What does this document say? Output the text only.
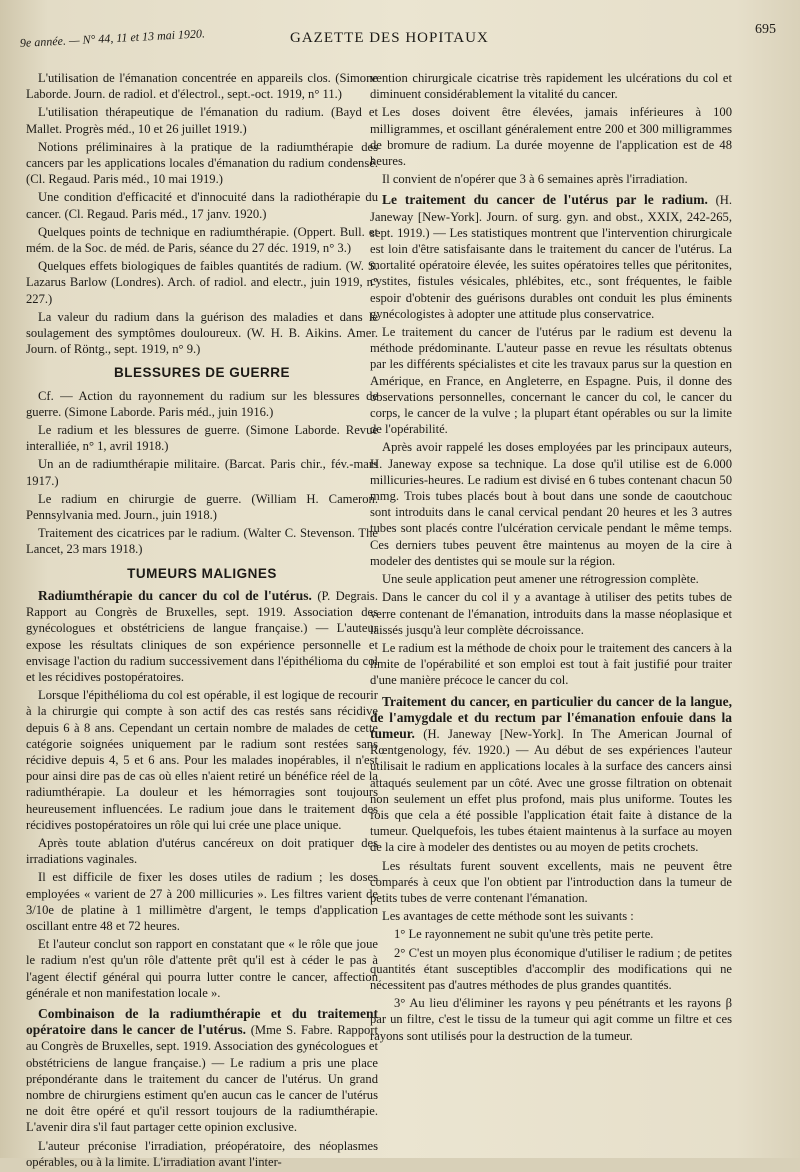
9e année. — N° 44, 11 et 13 mai 1920.	GAZETTE DES HOPITAUX
695

L'utilisation de l'émanation concentrée en appareils clos. (Simone Laborde. Journ. de radiol. et d'électrol., sept.-oct. 1919, n° 11.)

L'utilisation thérapeutique de l'émanation du radium. (Bayd et Mallet. Progrès méd., 10 et 26 juillet 1919.)

Notions préliminaires à la pratique de la radiumthérapie des cancers par les applications locales d'émanation du radium condensé. (Cl. Regaud. Paris méd., 10 mai 1919.)

Une condition d'efficacité et d'innocuité dans la radiothérapie du cancer. (Cl. Regaud. Paris méd., 17 janv. 1920.)

Quelques points de technique en radiumthérapie. (Oppert. Bull. et mém. de la Soc. de méd. de Paris, séance du 27 déc. 1919, n° 3.)

Quelques effets biologiques de faibles quantités de radium. (W. S. Lazarus Barlow (Londres). Arch. of radiol. and electr., juin 1919, n° 227.)

La valeur du radium dans la guérison des maladies et dans le soulagement des symptômes douloureux. (W. H. B. Aikins. Amer. Journ. of Röntg., sept. 1919, n° 9.)

BLESSURES DE GUERRE

Cf. — Action du rayonnement du radium sur les blessures de guerre. (Simone Laborde. Paris méd., juin 1916.)

Le radium et les blessures de guerre. (Simone Laborde. Revue interalliée, n° 1, avril 1918.)

Un an de radiumthérapie militaire. (Barcat. Paris chir., fév.-mars 1917.)

Le radium en chirurgie de guerre. (William H. Cameron. Pennsylvania med. Journ., juin 1918.)

Traitement des cicatrices par le radium. (Walter C. Stevenson. The Lancet, 23 mars 1918.)

TUMEURS MALIGNES

Radiumthérapie du cancer du col de l'utérus. (P. Degrais. Rapport au Congrès de Bruxelles, sept. 1919. Association des gynécologues et obstétriciens de langue française.) — L'auteur expose les résultats cliniques de son expérience personnelle et envisage l'action du radium successivement dans l'épithélioma du col et les récidives postopératoires.

Lorsque l'épithélioma du col est opérable, il est logique de recourir à la chirurgie qui compte à son actif des cas restés sans récidive depuis 6 à 8 ans. Cependant un certain nombre de malades de cette catégorie soignées uniquement par le radium sont restées sans récidive depuis 4, 5 et 6 ans. Pour les malades inopérables, il n'est pour ainsi dire pas de cas où elles n'aient retiré un bénéfice réel de la radiumthérapie. La douleur et les hémorragies sont toujours heureusement influencées. Le radium joue dans le traitement des récidives postopératoires un rôle qui lui crée une place unique.

Après toute ablation d'utérus cancéreux on doit pratiquer des irradiations vaginales.

Il est difficile de fixer les doses utiles de radium ; les doses employées « varient de 27 à 200 millicuries ». Les filtres varient de 3/10e de platine à 1 millimètre d'argent, le temps d'application oscillant entre 48 et 72 heures.

Et l'auteur conclut son rapport en constatant que « le rôle que joue le radium n'est qu'un rôle d'attente prêt qu'il est à céder le pas à l'agent électif général qui pourra lutter contre le cancer, affection générale et non manifestation locale ».

Combinaison de la radiumthérapie et du traitement opératoire dans le cancer de l'utérus. (Mme S. Fabre. Rapport au Congrès de Bruxelles, sept. 1919. Association des gynécologues et obstétriciens de langue française.) — Le radium a pris une place prépondérante dans le traitement du cancer de l'utérus. Un grand nombre de chirurgiens estiment qu'en aucun cas le cancer de l'utérus ne doit être opéré et qu'il ressort toujours de la radiumthérapie. L'avenir dira s'il faut partager cette opinion exclusive.

L'auteur préconise l'irradiation, préopératoire, des néoplasmes opérables, ou à la limite. L'irradiation avant l'inter-

vention chirurgicale cicatrise très rapidement les ulcérations du col et diminuent considérablement la vitalité du cancer.

Les doses doivent être élevées, jamais inférieures à 100 milligrammes, et oscillant généralement entre 200 et 300 milligrammes de bromure de radium. La durée moyenne de l'application est de 48 heures.

Il convient de n'opérer que 3 à 6 semaines après l'irradiation.

Le traitement du cancer de l'utérus par le radium. (H. Janeway [New-York]. Journ. of surg. gyn. and obst., XXIX, 242-265, sept. 1919.) — Les statistiques montrent que l'intervention chirurgicale est loin d'être satisfaisante dans le traitement du cancer de l'utérus. La mortalité opératoire élevée, les suites opératoires telles que péritonites, cystites, fistules vésicales, phlébites, etc., sont fréquentes, le faible espoir d'obtenir des guérisons durables ont conduit les plus éminents gynécologistes à adopter une attitude plus conservatrice.

Le traitement du cancer de l'utérus par le radium est devenu la méthode prédominante. L'auteur passe en revue les résultats obtenus par les différents spécialistes et cite les travaux parus sur la question en Amérique, en France, en Angleterre, en Espagne. Puis, il donne des observations personnelles, concernant le cancer du col, le cancer du corps, le cancer de la vulve ; la plupart étant opérables ou sur la limite de l'opérabilité.

Après avoir rappelé les doses employées par les principaux auteurs, H. Janeway expose sa technique. La dose qu'il utilise est de 6.000 millicuries-heures. Le radium est divisé en 6 tubes contenant chacun 50 mmg. Trois tubes placés bout à bout dans une sonde de caoutchouc sont introduits dans le canal cervical pendant 20 heures et les 3 autres tubes sont placés contre l'ulcération cervicale pendant le même temps. Ces derniers tubes peuvent être maintenus au moyen de la cire à modeler des dentistes qui se moule sur la région.

Une seule application peut amener une rétrogression complète.

Dans le cancer du col il y a avantage à utiliser des petits tubes de verre contenant de l'émanation, introduits dans la masse néoplasique et laissés jusqu'à leur complète décroissance.

Le radium est la méthode de choix pour le traitement des cancers à la limite de l'opérabilité et son emploi est tout à fait justifié pour traiter d'une manière précoce le cancer du col.

Traitement du cancer, en particulier du cancer de la langue, de l'amygdale et du rectum par l'émanation enfouie dans la tumeur. (H. Janeway [New-York]. In The American Journal of Rœntgenology, fév. 1920.) — Au début de ses expériences l'auteur utilisait le radium en applications locales à la surface des cancers ainsi attaqués seulement par un côté. Avec une grosse filtration on obtenait non seulement un effet plus profond, mais plus uniforme. Toutes les fois que cela a été possible l'application était faite à distance de la tumeur. Quelquefois, les tubes étaient maintenus à la surface au moyen de la cire à modeler des dentistes ou au moyen de petits crochets.

Les résultats furent souvent excellents, mais ne peuvent être comparés à ceux que l'on obtient par l'introduction dans la tumeur de petits tubes de verre contenant l'émanation.

Les avantages de cette méthode sont les suivants :

1° Le rayonnement ne subit qu'une très petite perte.

2° C'est un moyen plus économique d'utiliser le radium ; de petites quantités étant susceptibles d'accomplir des modifications qui ne nécessitent pas d'autres méthodes de plus grandes quantités.

3° Au lieu d'éliminer les rayons γ peu pénétrants et les rayons β par un filtre, c'est le tissu de la tumeur qui agit comme un filtre et ces rayons sont utilisés pour la destruction de la tumeur.
